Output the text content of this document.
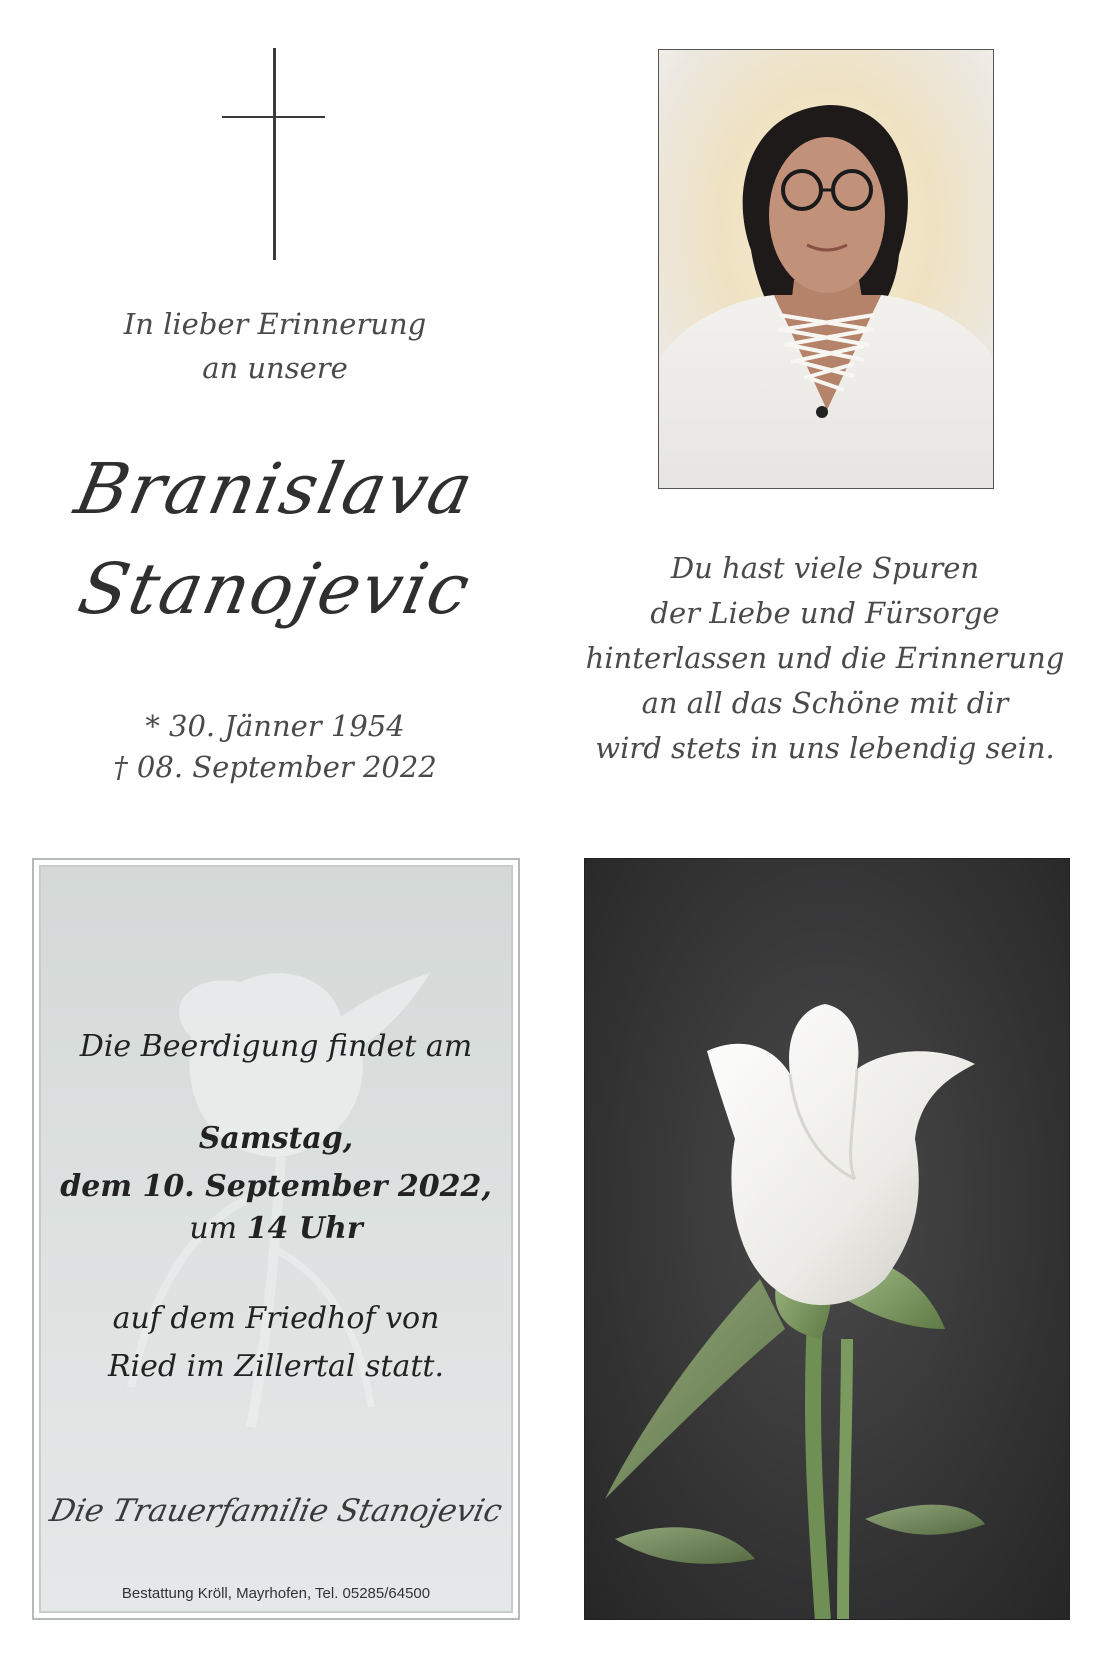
In lieber Erinnerung
an unsere
Branislava
Stanojevic
* 30. Jänner 1954
† 08. September 2022
Du hast viele Spuren
der Liebe und Fürsorge
hinterlassen und die Erinnerung
an all das Schöne mit dir
wird stets in uns lebendig sein.
Die Beerdigung findet am
Samstag,
dem 10. September 2022,
um 14 Uhr
auf dem Friedhof von
Ried im Zillertal statt.
Die Trauerfamilie Stanojevic
Bestattung Kröll, Mayrhofen, Tel. 05285/64500
